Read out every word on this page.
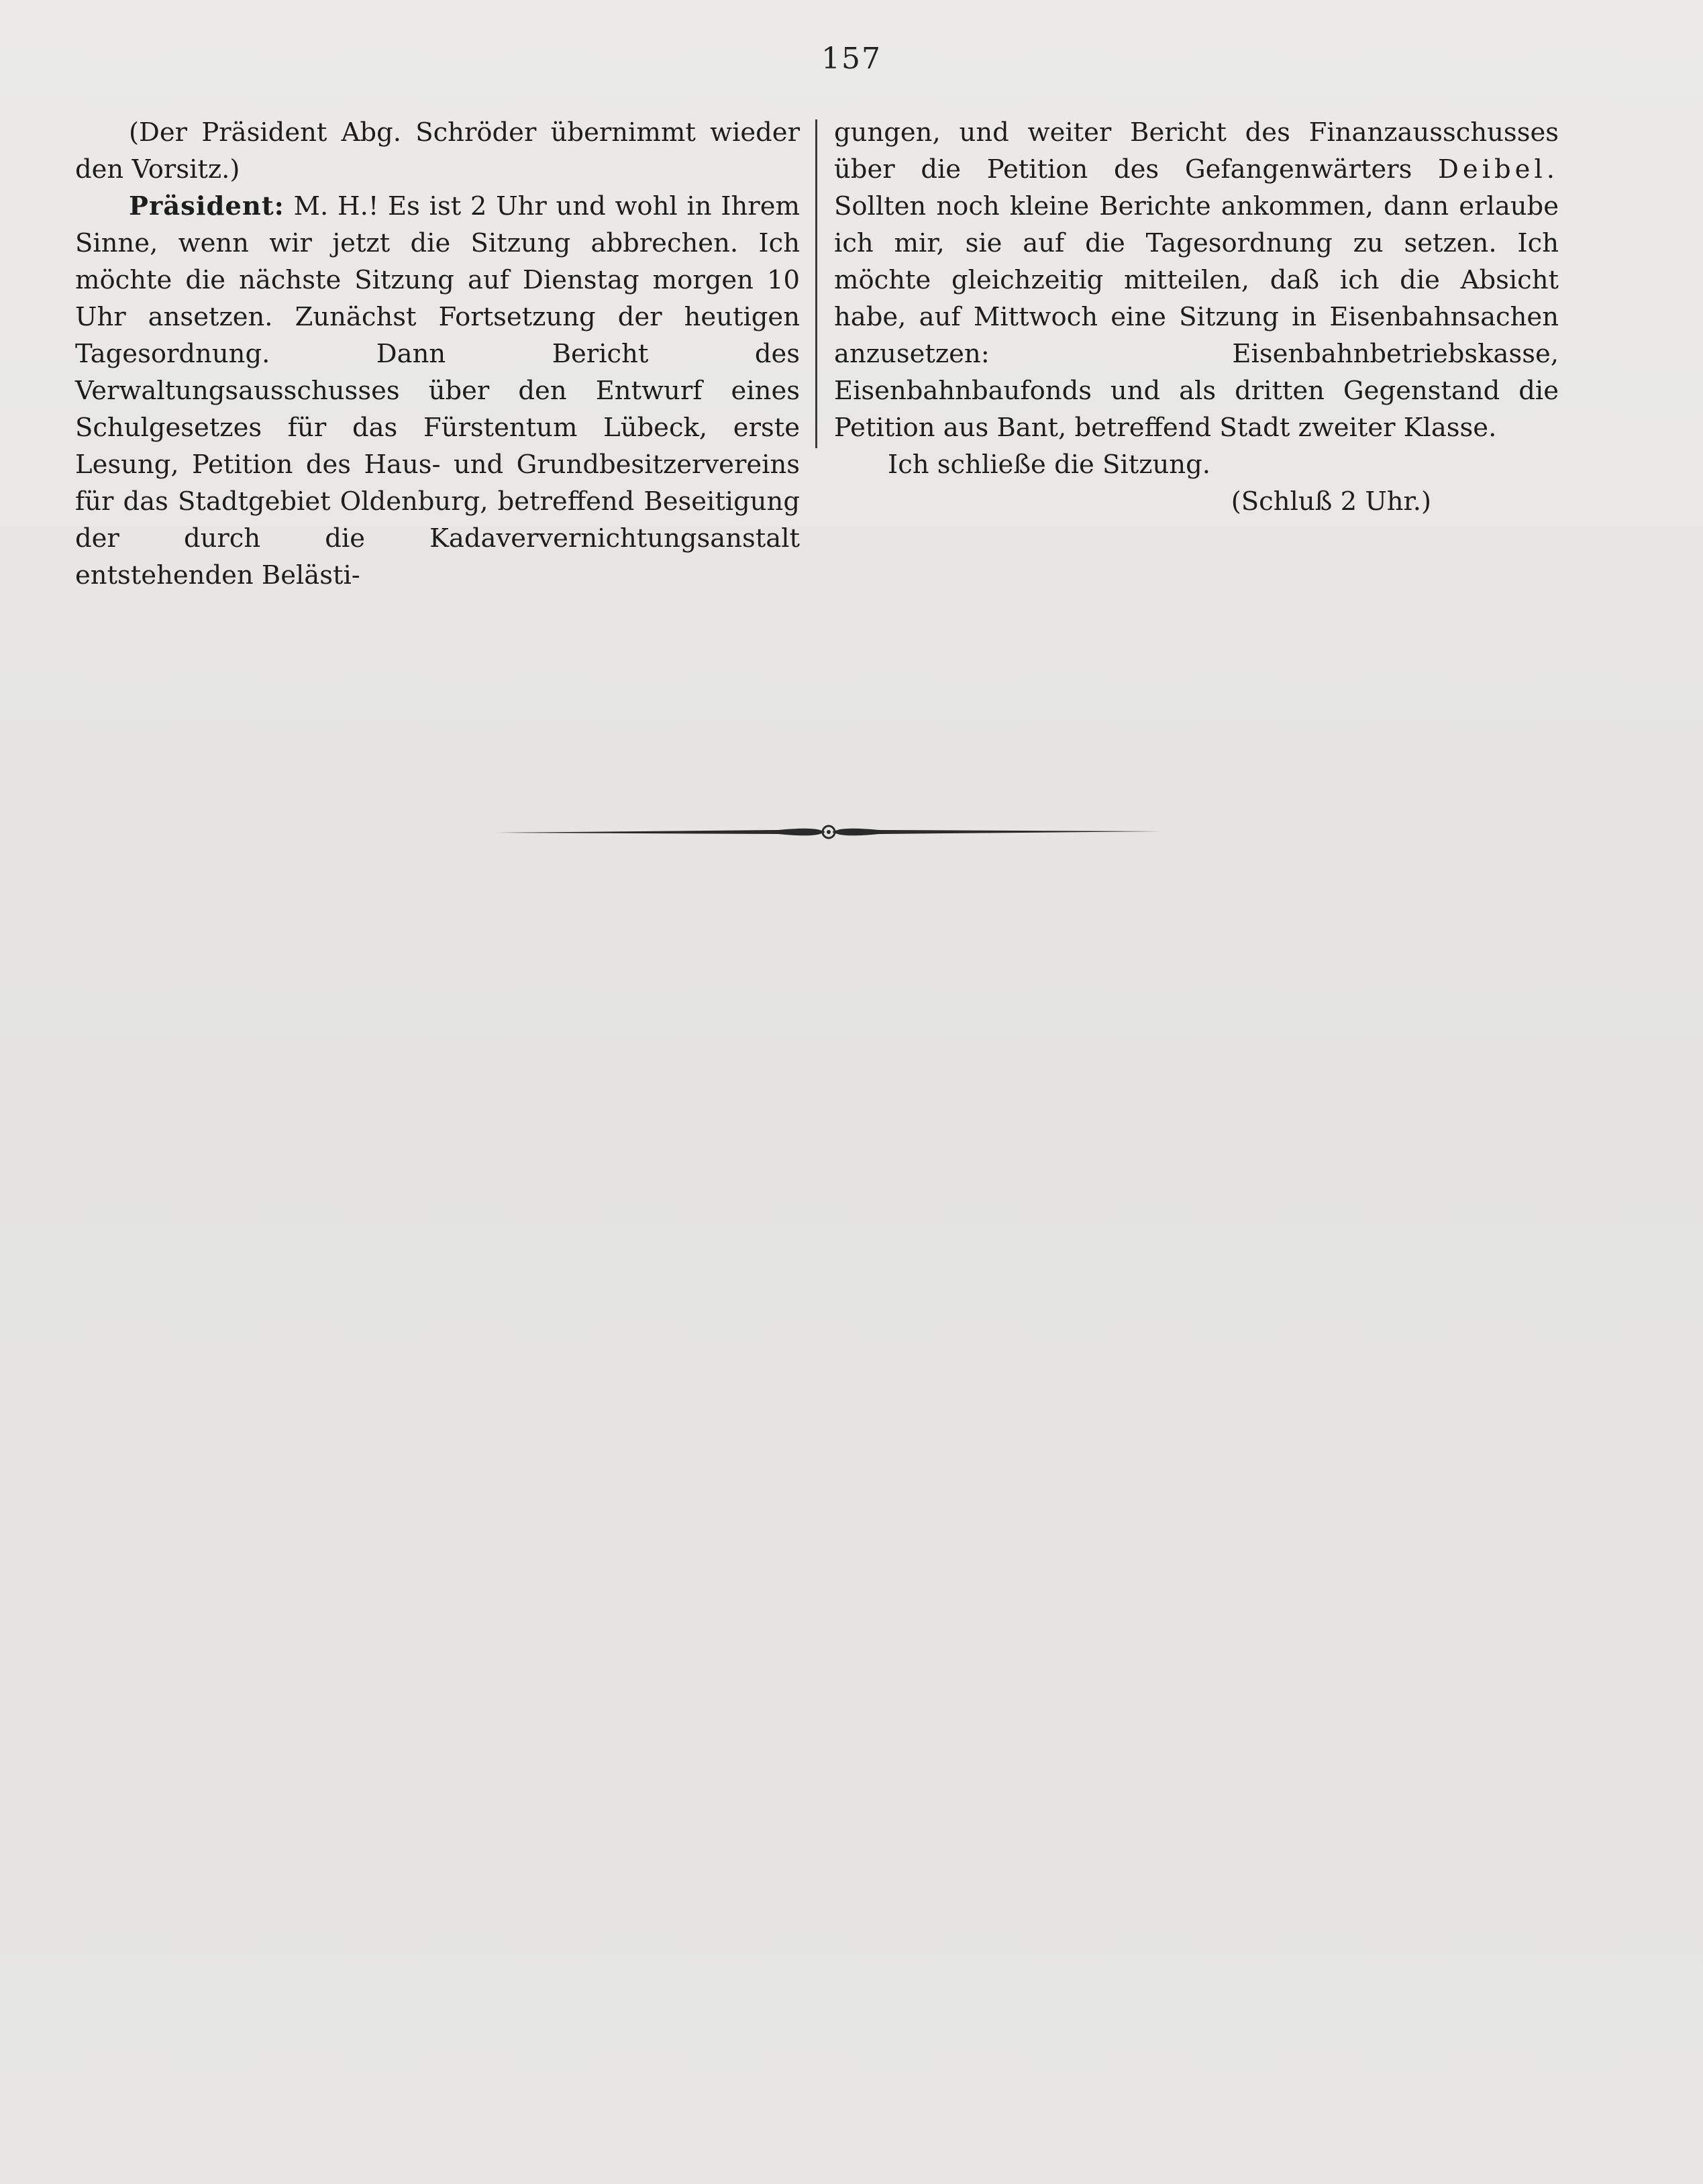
157

(Der Präsident Abg. Schröder übernimmt wieder den Vorsitz.)

Präsident: M. H.! Es ist 2 Uhr und wohl in Ihrem Sinne, wenn wir jetzt die Sitzung abbrechen. Ich möchte die nächste Sitzung auf Dienstag morgen 10 Uhr ansetzen. Zunächst Fortsetzung der heutigen Tagesordnung. Dann Bericht des Verwaltungsausschusses über den Entwurf eines Schulgesetzes für das Fürstentum Lübeck, erste Lesung, Petition des Haus- und Grundbesitzervereins für das Stadtgebiet Oldenburg, betreffend Beseitigung der durch die Kadaververnichtungsanstalt entstehenden Belästi-

gungen, und weiter Bericht des Finanzausschusses über die Petition des Gefangenwärters Deibel. Sollten noch kleine Berichte ankommen, dann erlaube ich mir, sie auf die Tagesordnung zu setzen. Ich möchte gleichzeitig mitteilen, daß ich die Absicht habe, auf Mittwoch eine Sitzung in Eisenbahnsachen anzusetzen: Eisenbahnbetriebskasse, Eisenbahnbaufonds und als dritten Gegenstand die Petition aus Bant, betreffend Stadt zweiter Klasse.

Ich schließe die Sitzung.

(Schluß 2 Uhr.)
